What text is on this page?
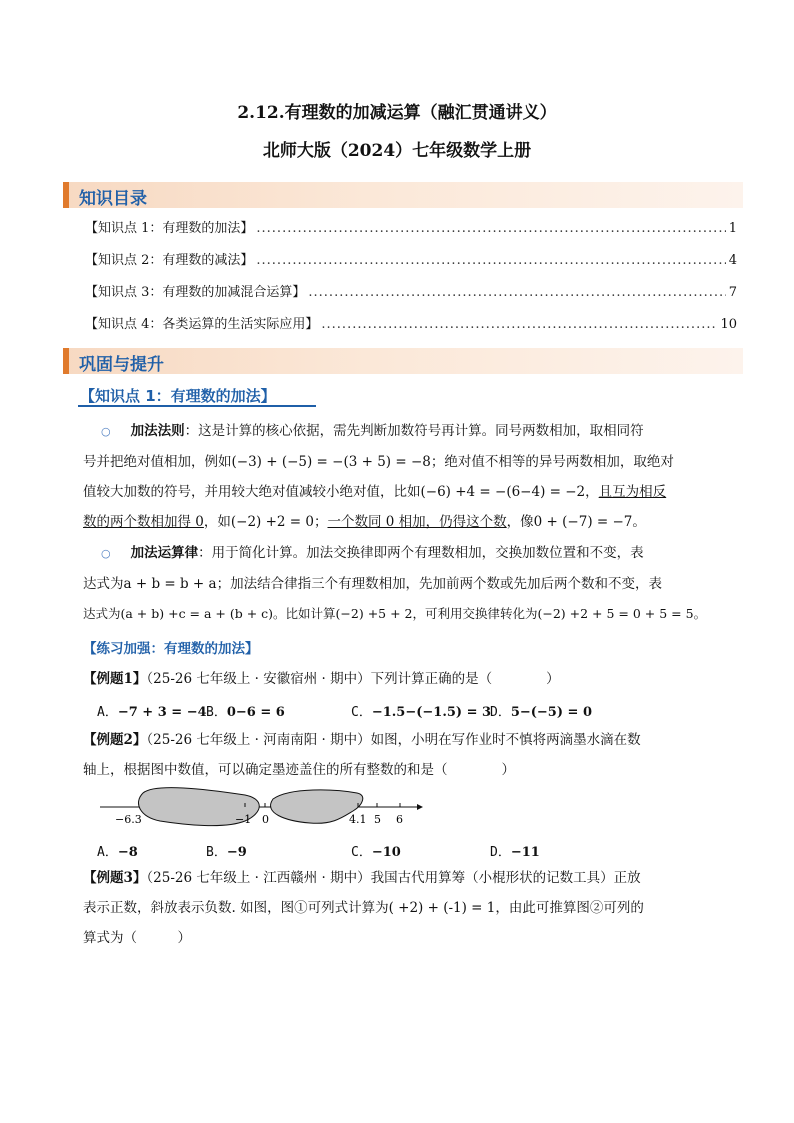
2.12.有理数的加减运算（融汇贯通讲义）
北师大版（2024）七年级数学上册
知识目录
【知识点 1：有理数的加法】 .....	1
【知识点 2：有理数的减法】 .....	4
【知识点 3：有理数的加减混合运算】 .....	7
【知识点 4：各类运算的生活实际应用】 .....	10
巩固与提升
【知识点 1：有理数的加法】
○ 加法法则：这是计算的核心依据，需先判断加数符号再计算。同号两数相加，取相同符
号并把绝对值相加，例如(−3) + (−5) = −(3 + 5) = −8；绝对值不相等的异号两数相加，取绝对
值较大加数的符号，并用较大绝对值减较小绝对值，比如(−6) +4 = −(6−4) = −2，且互为相反
数的两个数相加得 0，如(−2) +2 = 0；一个数同 0 相加，仍得这个数，像0 + (−7) = −7。
○ 加法运算律：用于简化计算。加法交换律即两个有理数相加，交换加数位置和不变，表
达式为a + b = b + a；加法结合律指三个有理数相加，先加前两个数或先加后两个数和不变，表
达式为(a + b) +c = a + (b + c)。比如计算(−2) +5 + 2，可利用交换律转化为(−2) +2 + 5 = 0 + 5 = 5。
【练习加强：有理数的加法】
【例题1】（25-26 七年级上 · 安徽宿州 · 期中）下列计算正确的是（　　　　）
A．−7 + 3 = −4 B．0−6 = 6	C．−1.5−(−1.5) = 3
D．5−(−5) = 0
【例题2】（25-26 七年级上 · 河南南阳 · 期中）如图，小明在写作业时不慎将两滴墨水滴在数
轴上，根据图中数值，可以确定墨迹盖住的所有整数的和是（　　　　）
−6.3	−1 0	4.1 5 6
A．−8	B．−9	C．−10	D．−11
【例题3】（25-26 七年级上 · 江西赣州 · 期中）我国古代用算筹（小棍形状的记数工具）正放
表示正数，斜放表示负数. 如图，图①可列式计算为( +2) + (-1) = 1，由此可推算图②可列的
算式为（　　　）
